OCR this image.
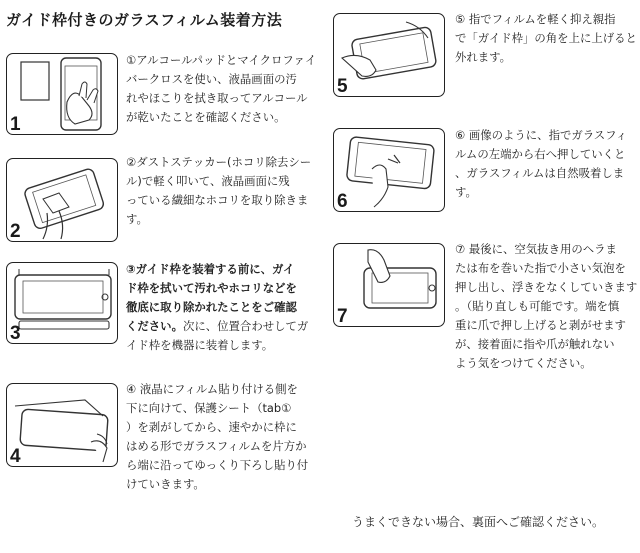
ガイド枠付きのガラスフィルム装着方法
1

①アルコールパッドとマイクロファイ

バークロスを使い、液晶画面の汚

れやほこりを拭き取ってアルコール

が乾いたことを確認ください。

2

②ダストステッカー(ホコリ除去シー

ル)で軽く叩いて、液晶画面に残

っている繊細なホコリを取り除きま

す。

3

③ガイド枠を装着する前に、ガイ

ド枠を拭いて汚れやホコリなどを

徹底に取り除かれたことをご確認

ください。次に、位置合わせしてガ

イド枠を機器に装着します。

4

④ 液晶にフィルム貼り付ける側を

下に向けて、保護シート（tab①

）を剥がしてから、速やかに枠に

はめる形でガラスフィルムを片方か

ら端に沿ってゆっくり下ろし貼り付

けていきます。

5

⑤ 指でフィルムを軽く抑え親指

で「ガイド枠」の角を上に上げると

外れます。

6

⑥ 画像のように、指でガラスフィ

ルムの左端から右へ押していくと

、ガラスフィルムは自然吸着しま

す。

7

⑦ 最後に、空気抜き用のヘラま

たは布を巻いた指で小さい気泡を

押し出し、浮きをなくしていきます

。（貼り直しも可能です。端を慎

重に爪で押し上げると剥がせます

が、接着面に指や爪が触れない

よう気をつけてください。

うまくできない場合、裏面へご確認ください。
